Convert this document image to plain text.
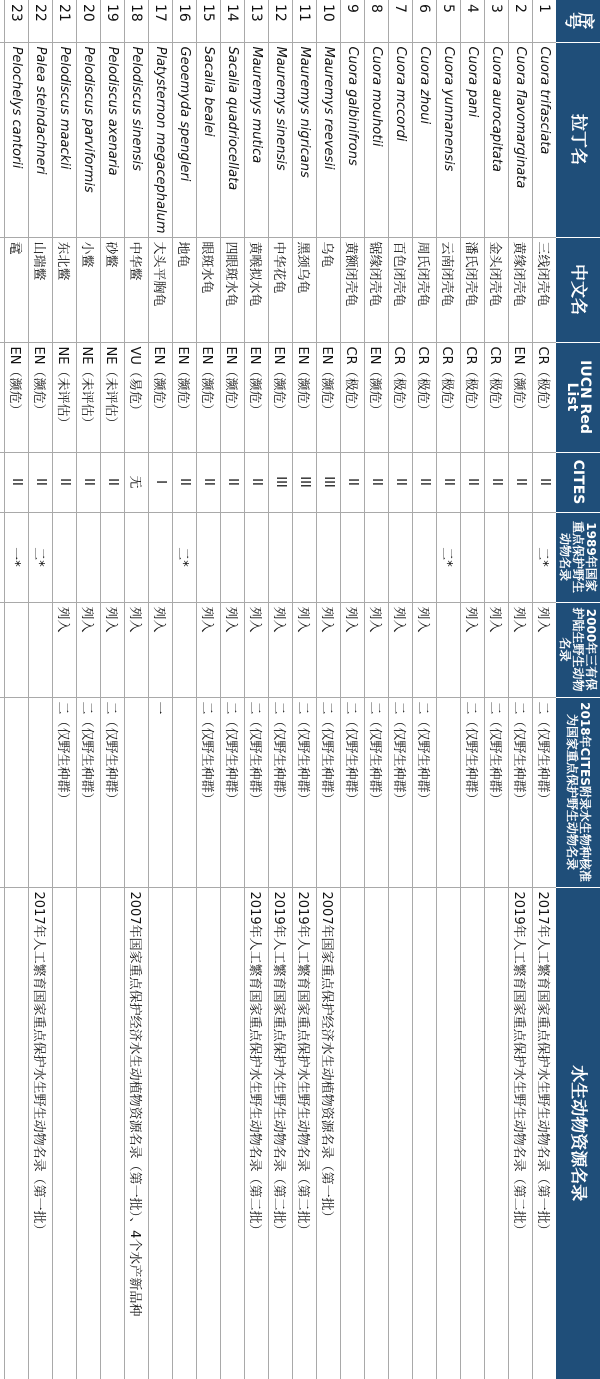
序号	拉丁名	中文名	IUCN Red List	CITES	1989年国家重点保护野生动物名录	2000年三有保护陆生野生动物名录	2018年CITES附录水生物种核准为国家重点保护野生动物名录	水生动物资源名录
1	Cuora trifasciata	三线闭壳龟	CR（极危）	II	二*	列入	二（仅野生种群）	2017年人工繁育国家重点保护水生野生动物名录（第一批）
2	Cuora flavomarginata	黄缘闭壳龟	EN（濒危）	II		列入	二（仅野生种群）	2019年人工繁育国家重点保护水生野生动物名录（第二批）
3	Cuora aurocapitata	金头闭壳龟	CR（极危）	II		列入	二（仅野生种群）	
4	Cuora pani	潘氏闭壳龟	CR（极危）	II		列入	二（仅野生种群）	
5	Cuora yunnanensis	云南闭壳龟	CR（极危）	II	二*			
6	Cuora zhoui	周氏闭壳龟	CR（极危）	II		列入	二（仅野生种群）	
7	Cuora mccordi	百色闭壳龟	CR（极危）	II		列入	二（仅野生种群）	
8	Cuora mouhotii	锯缘闭壳龟	EN（濒危）	II		列入	二（仅野生种群）	
9	Cuora galbinifrons	黄额闭壳龟	CR（极危）	II		列入	二（仅野生种群）	
10	Mauremys reevesii	乌龟	EN（濒危）	III		列入	二（仅野生种群）	2007年国家重点保护经济水生动植物资源名录（第一批）
11	Mauremys nigricans	黑颈乌龟	EN（濒危）	III		列入	二（仅野生种群）	2019年人工繁育国家重点保护水生野生动物名录（第二批）
12	Mauremys sinensis	中华花龟	EN（濒危）	III		列入	二（仅野生种群）	2019年人工繁育国家重点保护水生野生动物名录（第二批）
13	Mauremys mutica	黄喉拟水龟	EN（濒危）	II		列入	二（仅野生种群）	2019年人工繁育国家重点保护水生野生动物名录（第二批）
14	Sacalia quadriocellata	四眼斑水龟	EN（濒危）	II		列入	二（仅野生种群）	
15	Sacalia bealei	眼斑水龟	EN（濒危）	II		列入	二（仅野生种群）	
16	Geoemyda spengleri	地龟	EN（濒危）	II	二*			
17	Platysternon megacephalum	大头平胸龟	EN（濒危）	I		列入	一	
18	Pelodiscus sinensis	中华鳖	VU（易危）	无		列入		2007年国家重点保护经济水生动植物资源名录（第一批）、4个水产新品种
19	Pelodiscus axenaria	砂鳖	NE（未评估）	II		列入	二（仅野生种群）	
20	Pelodiscus parviformis	小鳖	NE（未评估）	II		列入	二（仅野生种群）	
21	Pelodiscus maackii	东北鳖	NE（未评估）	II		列入	二（仅野生种群）	
22	Palea steindachneri	山瑞鳖	EN（濒危）	II	二*			2017年人工繁育国家重点保护水生野生动物名录（第一批）
23	Pelochelys cantorii	鼋	EN（濒危）	II	一*			
